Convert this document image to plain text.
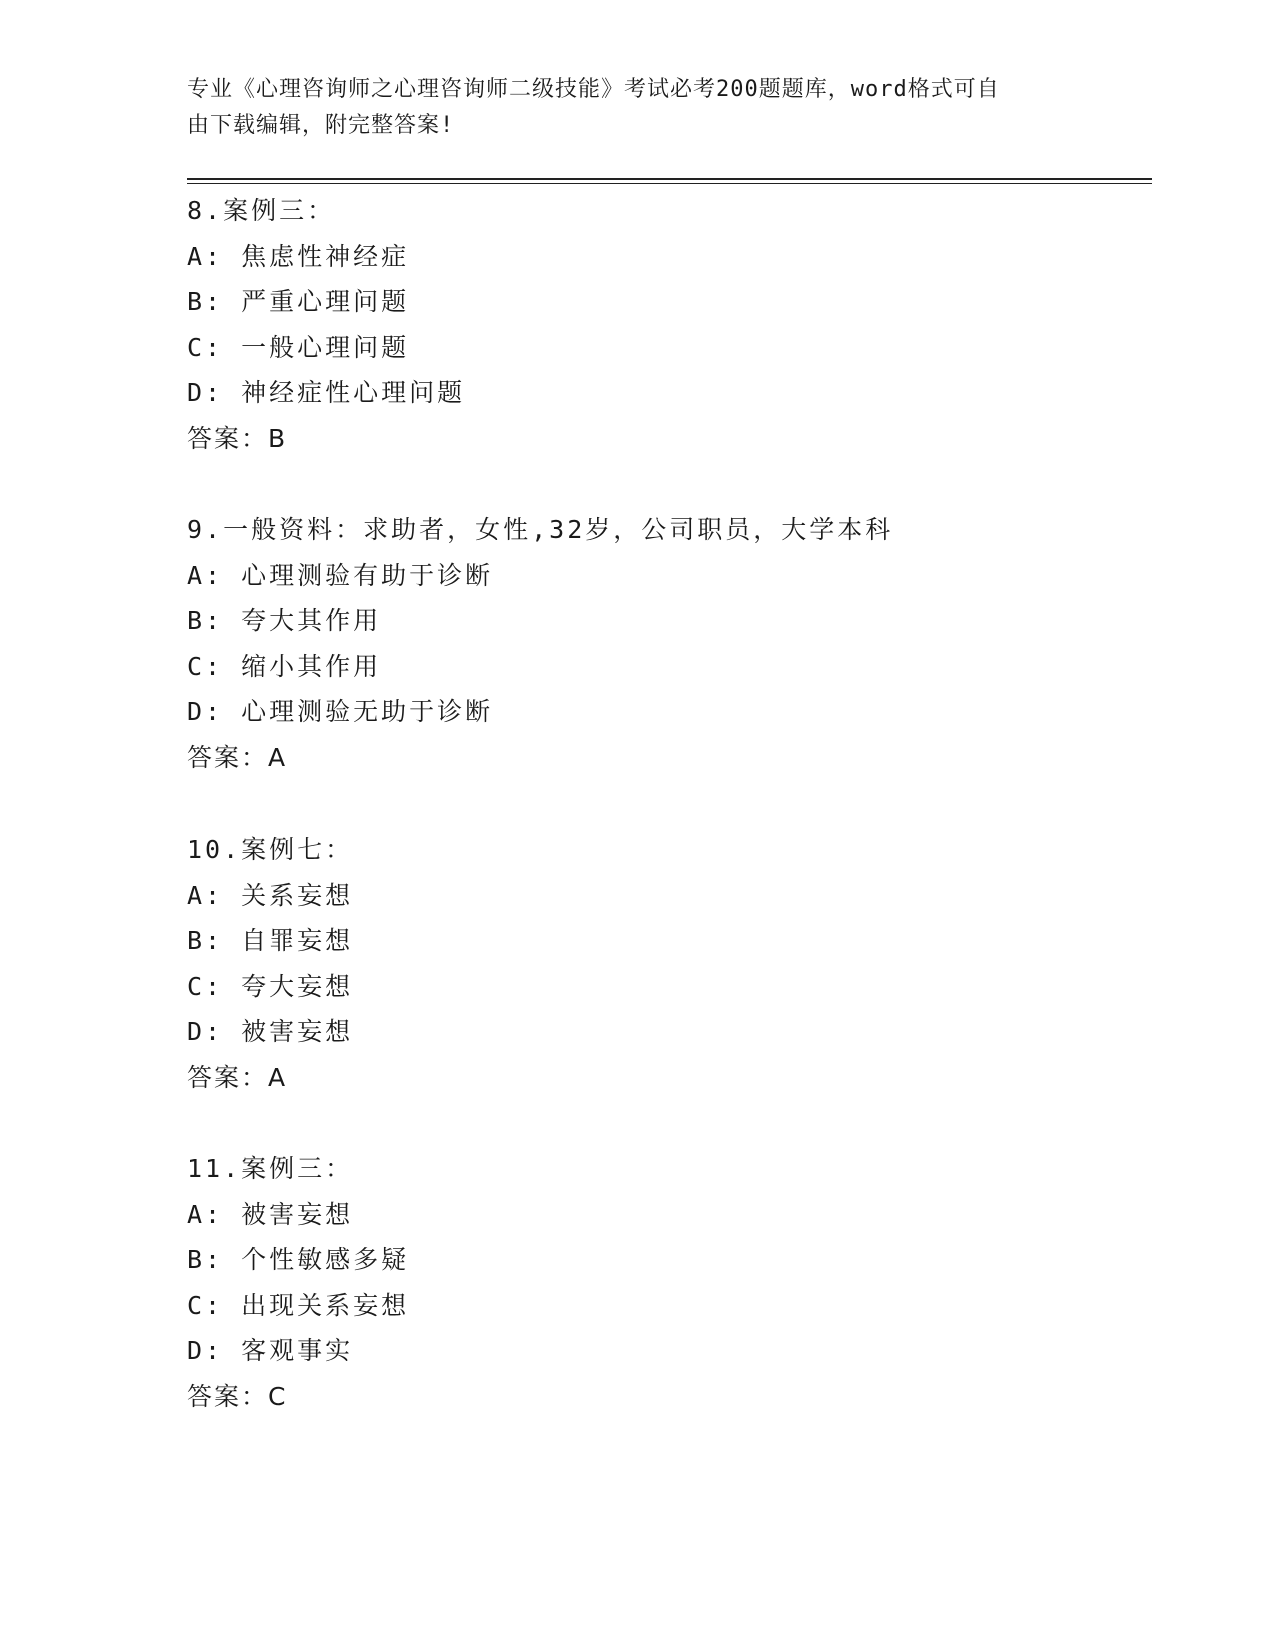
专业《心理咨询师之心理咨询师二级技能》考试必考200题题库，word格式可自
由下载编辑，附完整答案!
8.案例三：
A: 焦虑性神经症
B: 严重心理问题
C: 一般心理问题
D: 神经症性心理问题
答案：B
9.一般资料：求助者，女性,32岁，公司职员，大学本科
A: 心理测验有助于诊断
B: 夸大其作用
C: 缩小其作用
D: 心理测验无助于诊断
答案：A
10.案例七：
A: 关系妄想
B: 自罪妄想
C: 夸大妄想
D: 被害妄想
答案：A
11.案例三：
A: 被害妄想
B: 个性敏感多疑
C: 出现关系妄想
D: 客观事实
答案：C
